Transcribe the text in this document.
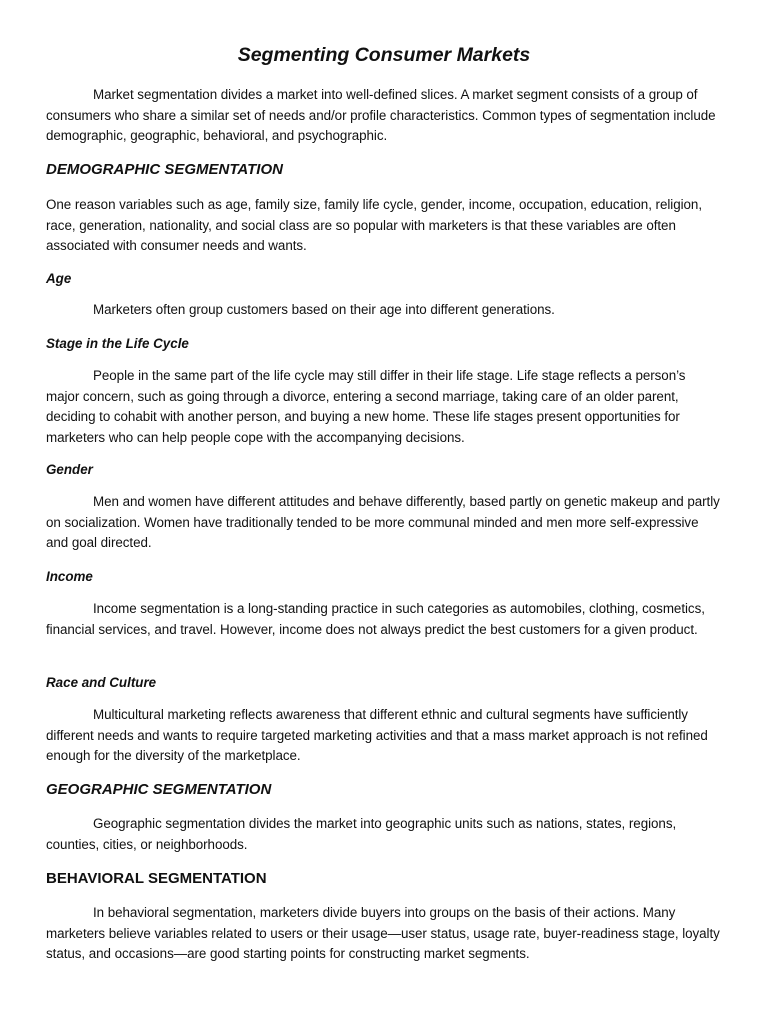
Segmenting Consumer Markets

Market segmentation divides a market into well-defined slices. A market segment consists of a group of consumers who share a similar set of needs and/or profile characteristics. Common types of segmentation include demographic, geographic, behavioral, and psychographic.

DEMOGRAPHIC SEGMENTATION

One reason variables such as age, family size, family life cycle, gender, income, occupation, education, religion, race, generation, nationality, and social class are so popular with marketers is that these variables are often associated with consumer needs and wants.

Age

Marketers often group customers based on their age into different generations.

Stage in the Life Cycle

People in the same part of the life cycle may still differ in their life stage. Life stage reflects a person’s major concern, such as going through a divorce, entering a second marriage, taking care of an older parent, deciding to cohabit with another person, and buying a new home. These life stages present opportunities for marketers who can help people cope with the accompanying decisions.

Gender

Men and women have different attitudes and behave differently, based partly on genetic makeup and partly on socialization. Women have traditionally tended to be more communal minded and men more self-expressive and goal directed.

Income

Income segmentation is a long-standing practice in such categories as automobiles, clothing, cosmetics, financial services, and travel. However, income does not always predict the best customers for a given product.

Race and Culture

Multicultural marketing reflects awareness that different ethnic and cultural segments have sufficiently different needs and wants to require targeted marketing activities and that a mass market approach is not refined enough for the diversity of the marketplace.

GEOGRAPHIC SEGMENTATION

Geographic segmentation divides the market into geographic units such as nations, states, regions, counties, cities, or neighborhoods.

BEHAVIORAL SEGMENTATION

In behavioral segmentation, marketers divide buyers into groups on the basis of their actions. Many marketers believe variables related to users or their usage—user status, usage rate, buyer-readiness stage, loyalty status, and occasions—are good starting points for constructing market segments.
